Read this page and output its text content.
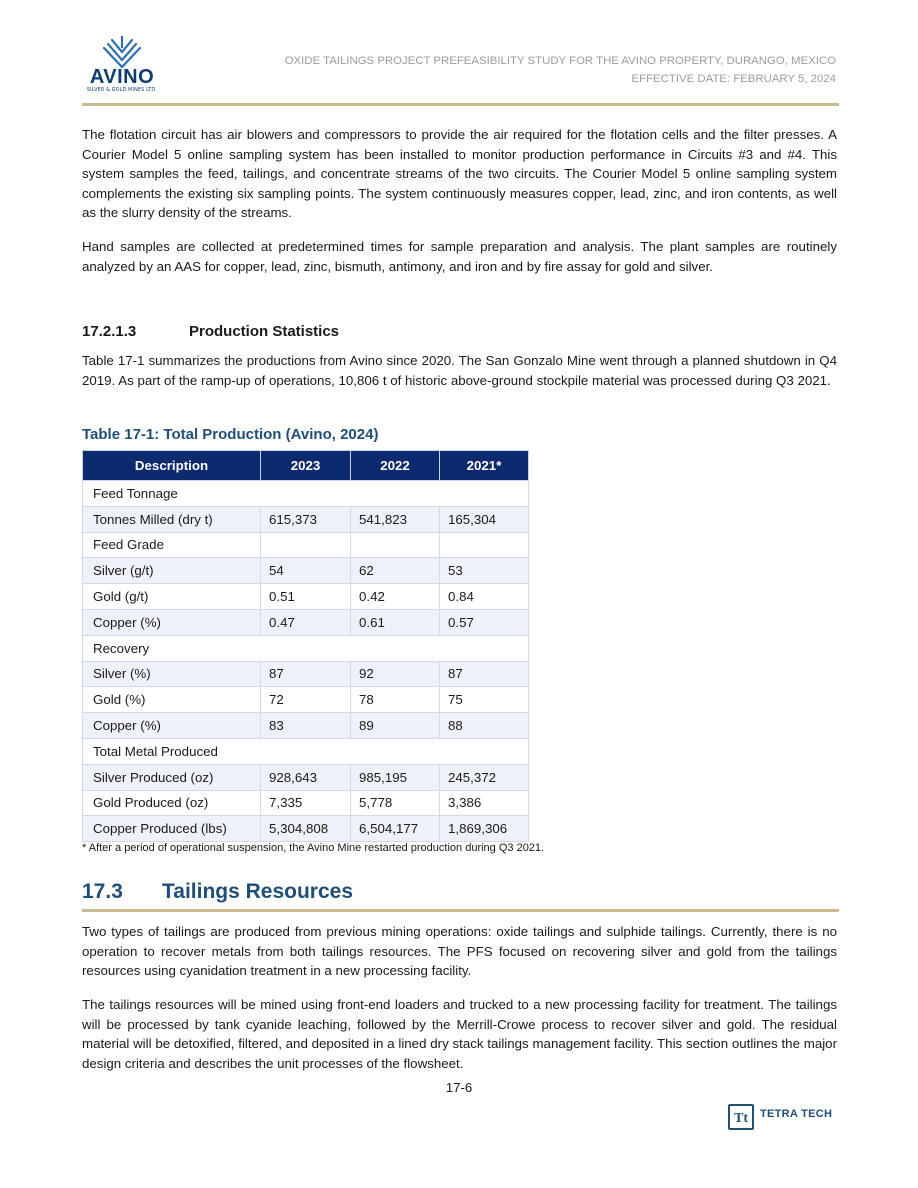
AVINO
SILVER & GOLD MINES LTD.
OXIDE TAILINGS PROJECT PREFEASIBILITY STUDY FOR THE AVINO PROPERTY, DURANGO, MEXICO
EFFECTIVE DATE: FEBRUARY 5, 2024

The flotation circuit has air blowers and compressors to provide the air required for the flotation cells and the filter presses. A Courier Model 5 online sampling system has been installed to monitor production performance in Circuits #3 and #4. This system samples the feed, tailings, and concentrate streams of the two circuits. The Courier Model 5 online sampling system complements the existing six sampling points. The system continuously measures copper, lead, zinc, and iron contents, as well as the slurry density of the streams.

Hand samples are collected at predetermined times for sample preparation and analysis. The plant samples are routinely analyzed by an AAS for copper, lead, zinc, bismuth, antimony, and iron and by fire assay for gold and silver.

17.2.1.3	Production Statistics

Table 17-1 summarizes the productions from Avino since 2020. The San Gonzalo Mine went through a planned shutdown in Q4 2019. As part of the ramp-up of operations, 10,806 t of historic above-ground stockpile material was processed during Q3 2021.

Table 17-1: Total Production (Avino, 2024)
Description	2023	2022	2021*
Feed Tonnage			
Tonnes Milled (dry t)	615,373	541,823	165,304
Feed Grade			
Silver (g/t)	54	62	53
Gold (g/t)	0.51	0.42	0.84
Copper (%)	0.47	0.61	0.57
Recovery			
Silver (%)	87	92	87
Gold (%)	72	78	75
Copper (%)	83	89	88
Total Metal Produced			
Silver Produced (oz)	928,643	985,195	245,372
Gold Produced (oz)	7,335	5,778	3,386
Copper Produced (lbs)	5,304,808	6,504,177	1,869,306
* After a period of operational suspension, the Avino Mine restarted production during Q3 2021.
17.3 Tailings Resources

Two types of tailings are produced from previous mining operations: oxide tailings and sulphide tailings. Currently, there is no operation to recover metals from both tailings resources. The PFS focused on recovering silver and gold from the tailings resources using cyanidation treatment in a new processing facility.

The tailings resources will be mined using front-end loaders and trucked to a new processing facility for treatment. The tailings will be processed by tank cyanide leaching, followed by the Merrill-Crowe process to recover silver and gold. The residual material will be detoxified, filtered, and deposited in a lined dry stack tailings management facility. This section outlines the major design criteria and describes the unit processes of the flowsheet.

17-6
Tt TETRA TECH
